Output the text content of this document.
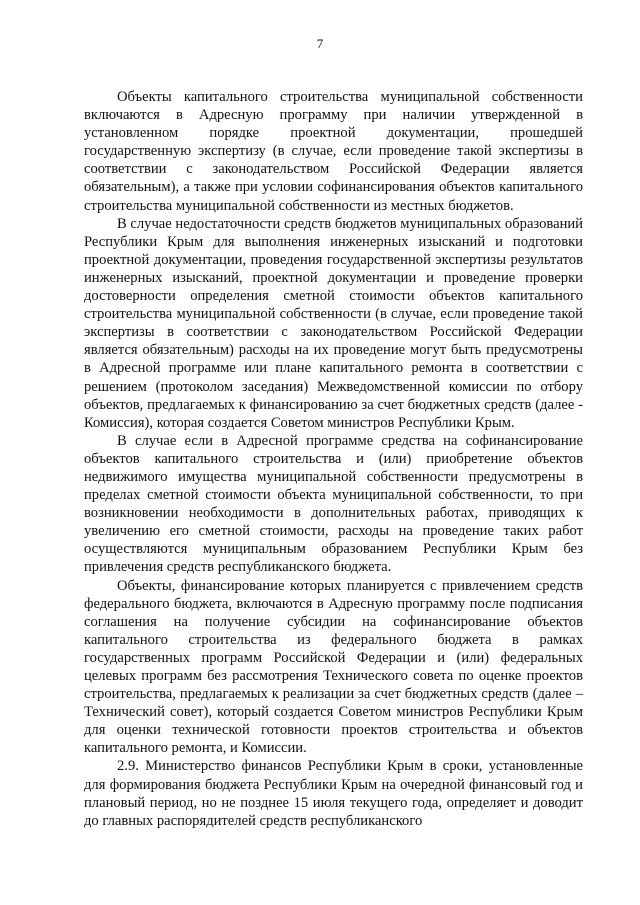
7

Объекты капитального строительства муниципальной собственности включаются в Адресную программу при наличии утвержденной в установленном порядке проектной документации, прошедшей государственную экспертизу (в случае, если проведение такой экспертизы в соответствии с законодательством Российской Федерации является обязательным), а также при условии софинансирования объектов капитального строительства муниципальной собственности из местных бюджетов.

В случае недостаточности средств бюджетов муниципальных образований Республики Крым для выполнения инженерных изысканий и подготовки проектной документации, проведения государственной экспертизы результатов инженерных изысканий, проектной документации и проведение проверки достоверности определения сметной стоимости объектов капитального строительства муниципальной собственности (в случае, если проведение такой экспертизы в соответствии с законодательством Российской Федерации является обязательным) расходы на их проведение могут быть предусмотрены в Адресной программе или плане капитального ремонта в соответствии с решением (протоколом заседания) Межведомственной комиссии по отбору объектов, предлагаемых к финансированию за счет бюджетных средств (далее - Комиссия), которая создается Советом министров Республики Крым.

В случае если в Адресной программе средства на софинансирование объектов капитального строительства и (или) приобретение объектов недвижимого имущества муниципальной собственности предусмотрены в пределах сметной стоимости объекта муниципальной собственности, то при возникновении необходимости в дополнительных работах, приводящих к увеличению его сметной стоимости, расходы на проведение таких работ осуществляются муниципальным образованием Республики Крым без привлечения средств республиканского бюджета.

Объекты, финансирование которых планируется с привлечением средств федерального бюджета, включаются в Адресную программу после подписания соглашения на получение субсидии на софинансирование объектов капитального строительства из федерального бюджета в рамках государственных программ Российской Федерации и (или) федеральных целевых программ без рассмотрения Технического совета по оценке проектов строительства, предлагаемых к реализации за счет бюджетных средств (далее – Технический совет), который создается Советом министров Республики Крым для оценки технической готовности проектов строительства и объектов капитального ремонта, и Комиссии.

2.9. Министерство финансов Республики Крым в сроки, установленные для формирования бюджета Республики Крым на очередной финансовый год и плановый период, но не позднее 15 июля текущего года, определяет и доводит до главных распорядителей средств республиканского
